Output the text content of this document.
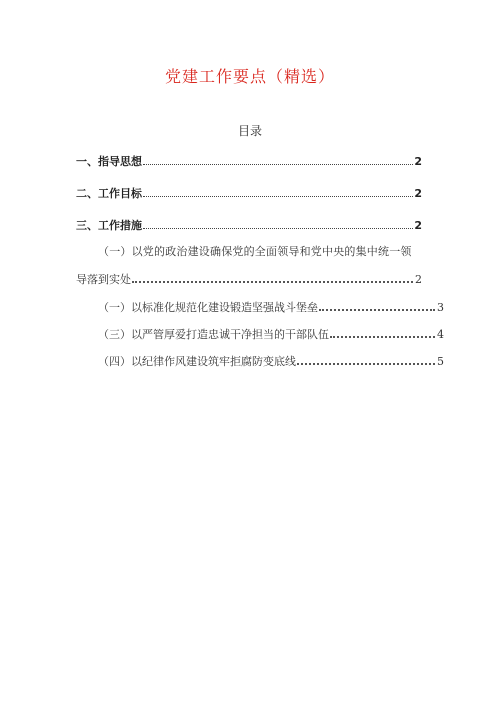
党建工作要点（精选）
目录
一、指导思想	2
二、工作目标	2
三、工作措施	2
（一）以党的政治建设确保党的全面领导和党中央的集中统一领
导落到实处	2
（一）以标准化规范化建设锻造坚强战斗堡垒	3
（三）以严管厚爱打造忠诚干净担当的干部队伍	4
（四）以纪律作风建设筑牢拒腐防变底线	5
